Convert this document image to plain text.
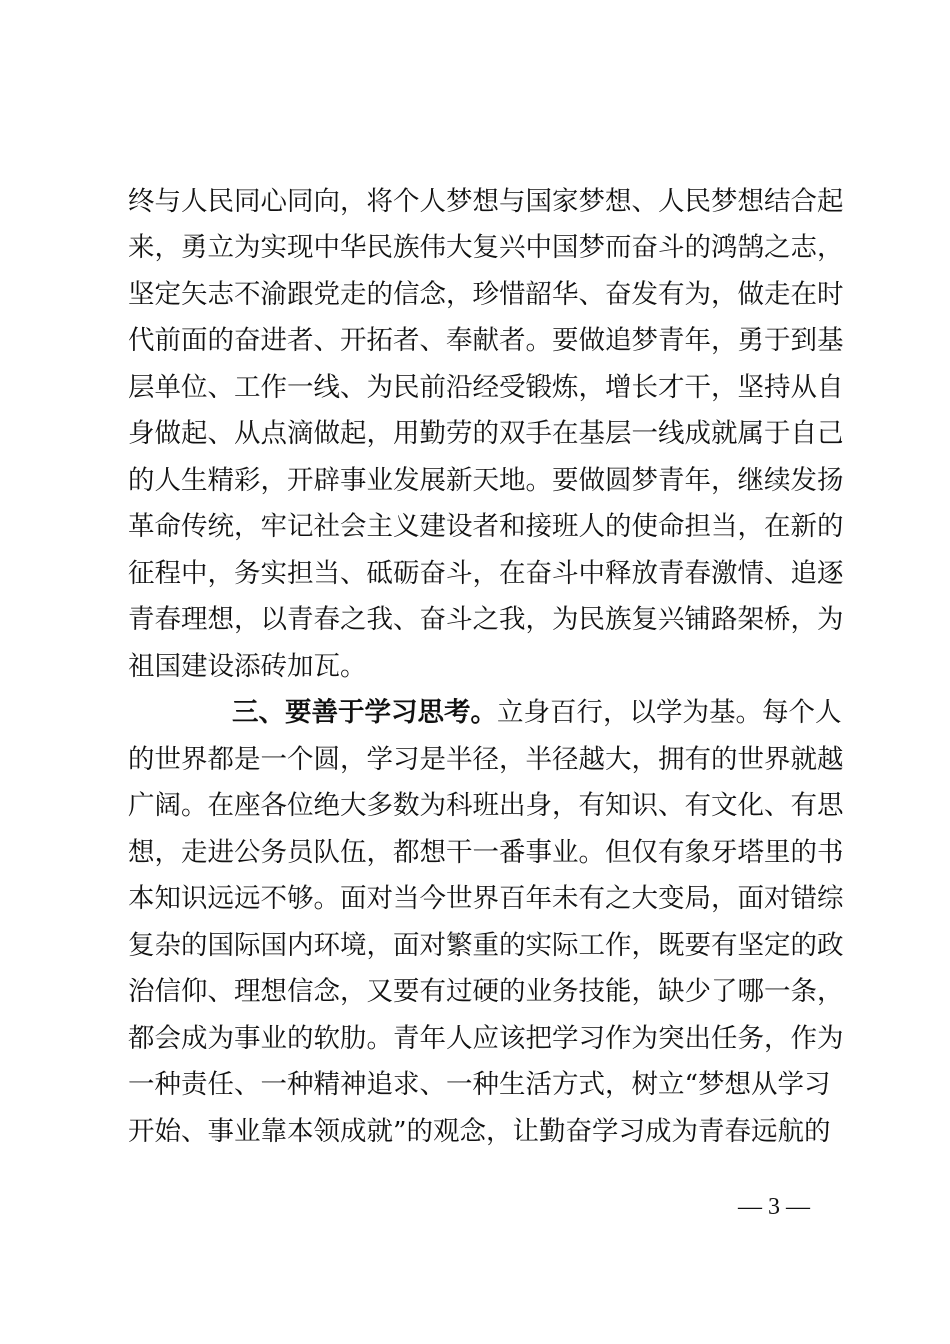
终与人民同心同向，将个人梦想与国家梦想、人民梦想结合起
来，勇立为实现中华民族伟大复兴中国梦而奋斗的鸿鹄之志，
坚定矢志不渝跟党走的信念，珍惜韶华、奋发有为，做走在时
代前面的奋进者、开拓者、奉献者。要做追梦青年，勇于到基
层单位、工作一线、为民前沿经受锻炼，增长才干，坚持从自
身做起、从点滴做起，用勤劳的双手在基层一线成就属于自己
的人生精彩，开辟事业发展新天地。要做圆梦青年，继续发扬
革命传统，牢记社会主义建设者和接班人的使命担当，在新的
征程中，务实担当、砥砺奋斗，在奋斗中释放青春激情、追逐
青春理想，以青春之我、奋斗之我，为民族复兴铺路架桥，为
祖国建设添砖加瓦。
三、要善于学习思考。立身百行，以学为基。每个人
的世界都是一个圆，学习是半径，半径越大，拥有的世界就越
广阔。在座各位绝大多数为科班出身，有知识、有文化、有思
想，走进公务员队伍，都想干一番事业。但仅有象牙塔里的书
本知识远远不够。面对当今世界百年未有之大变局，面对错综
复杂的国际国内环境，面对繁重的实际工作，既要有坚定的政
治信仰、理想信念，又要有过硬的业务技能，缺少了哪一条，
都会成为事业的软肋。青年人应该把学习作为突出任务，作为
一种责任、一种精神追求、一种生活方式，树立“梦想从学习
开始、事业靠本领成就”的观念，让勤奋学习成为青春远航的
— 3 —
